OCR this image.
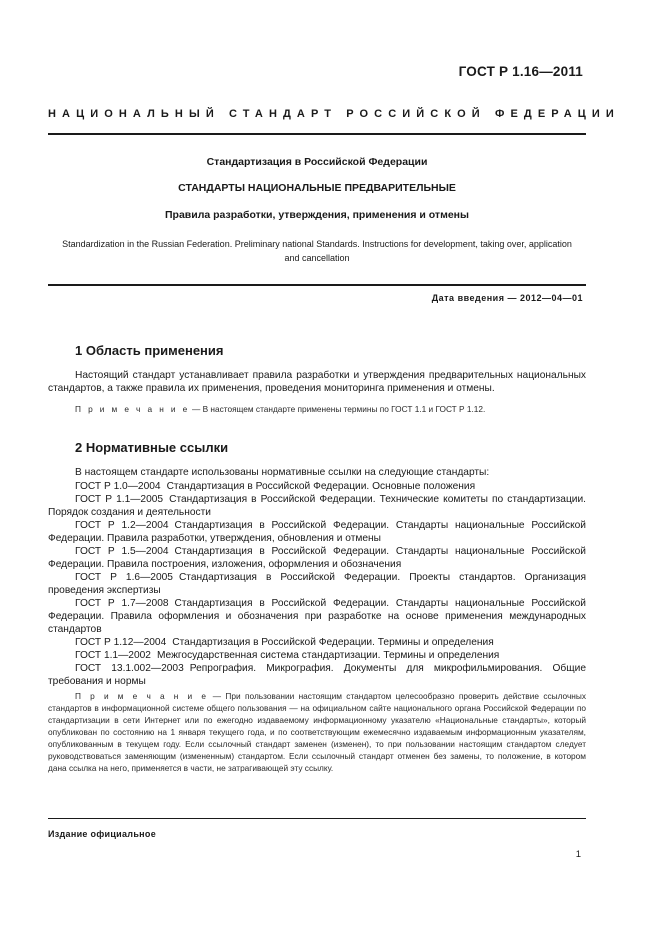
ГОСТ Р 1.16—2011
НАЦИОНАЛЬНЫЙ СТАНДАРТ РОССИЙСКОЙ ФЕДЕРАЦИИ
Стандартизация в Российской Федерации
СТАНДАРТЫ НАЦИОНАЛЬНЫЕ ПРЕДВАРИТЕЛЬНЫЕ
Правила разработки, утверждения, применения и отмены
Standardization in the Russian Federation. Preliminary national Standards. Instructions for development, taking over, application and cancellation
Дата введения — 2012—04—01
1 Область применения
Настоящий стандарт устанавливает правила разработки и утверждения предварительных национальных стандартов, а также правила их применения, проведения мониторинга применения и отмены.
П р и м е ч а н и е — В настоящем стандарте применены термины по ГОСТ 1.1 и ГОСТ Р 1.12.
2 Нормативные ссылки
В настоящем стандарте использованы нормативные ссылки на следующие стандарты:
ГОСТ Р 1.0—2004 Стандартизация в Российской Федерации. Основные положения
ГОСТ Р 1.1—2005 Стандартизация в Российской Федерации. Технические комитеты по стандартизации. Порядок создания и деятельности
ГОСТ Р 1.2—2004 Стандартизация в Российской Федерации. Стандарты национальные Российской Федерации. Правила разработки, утверждения, обновления и отмены
ГОСТ Р 1.5—2004 Стандартизация в Российской Федерации. Стандарты национальные Российской Федерации. Правила построения, изложения, оформления и обозначения
ГОСТ Р 1.6—2005 Стандартизация в Российской Федерации. Проекты стандартов. Организация проведения экспертизы
ГОСТ Р 1.7—2008 Стандартизация в Российской Федерации. Стандарты национальные Российской Федерации. Правила оформления и обозначения при разработке на основе применения международных стандартов
ГОСТ Р 1.12—2004 Стандартизация в Российской Федерации. Термины и определения
ГОСТ 1.1—2002 Межгосударственная система стандартизации. Термины и определения
ГОСТ 13.1.002—2003 Репрография. Микрография. Документы для микрофильмирования. Общие требования и нормы
П р и м е ч а н и е — При пользовании настоящим стандартом целесообразно проверить действие ссылочных стандартов в информационной системе общего пользования — на официальном сайте национального органа Российской Федерации по стандартизации в сети Интернет или по ежегодно издаваемому информационному указателю «Национальные стандарты», который опубликован по состоянию на 1 января текущего года, и по соответствующим ежемесячно издаваемым информационным указателям, опубликованным в текущем году. Если ссылочный стандарт заменен (изменен), то при пользовании настоящим стандартом следует руководствоваться заменяющим (измененным) стандартом. Если ссылочный стандарт отменен без замены, то положение, в котором дана ссылка на него, применяется в части, не затрагивающей эту ссылку.
Издание официальное
1
